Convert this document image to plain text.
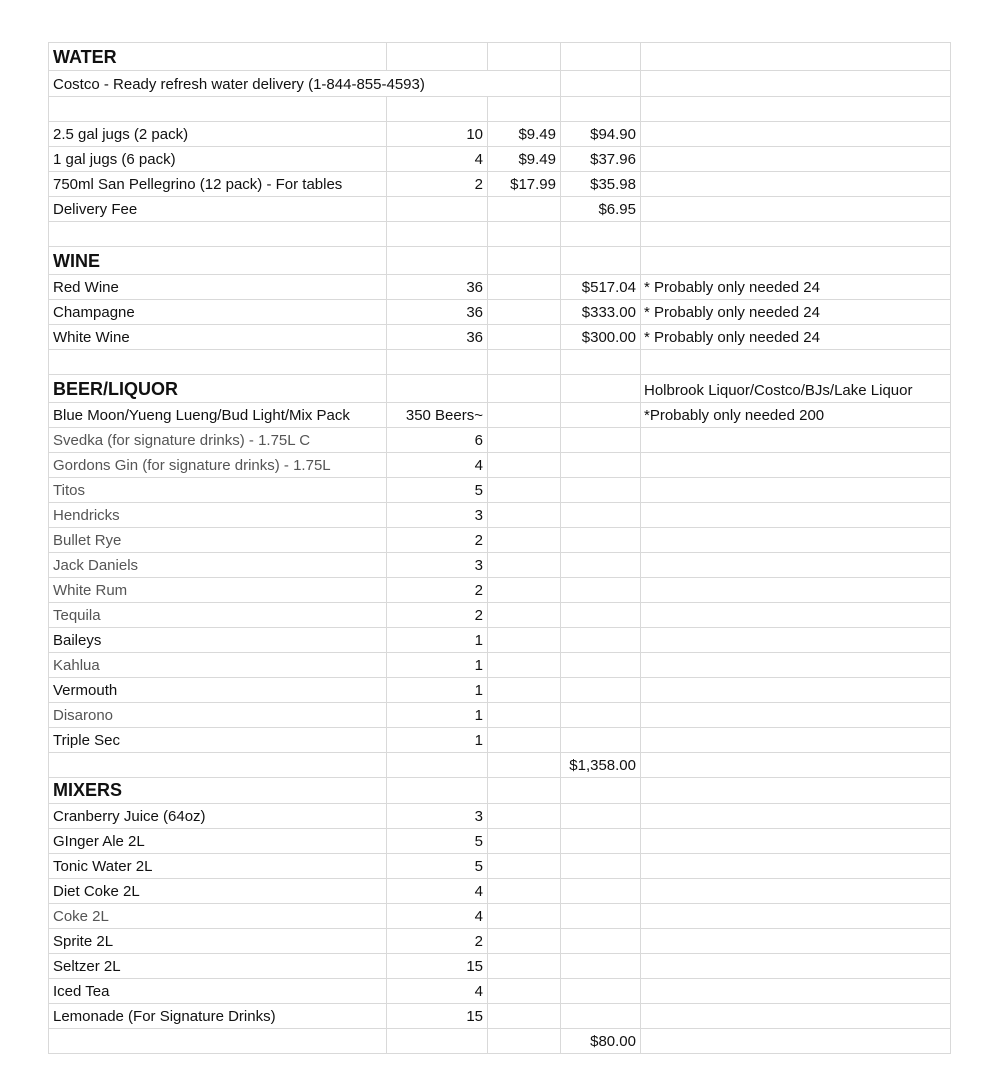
WATER				
Costco - Ready refresh water delivery (1-844-855-4593)				

2.5 gal jugs (2 pack)	10	$9.49	$94.90	
1 gal jugs (6 pack)	4	$9.49	$37.96	
750ml San Pellegrino (12 pack) - For tables	2	$17.99	$35.98	
Delivery Fee			$6.95	

WINE				
Red Wine	36		$517.04	* Probably only needed 24
Champagne	36		$333.00	* Probably only needed 24
White Wine	36		$300.00	* Probably only needed 24

BEER/LIQUOR				Holbrook Liquor/Costco/BJs/Lake Liquor
Blue Moon/Yueng Lueng/Bud Light/Mix Pack	350 Beers~			*Probably only needed 200
Svedka (for signature drinks) - 1.75L C	6			
Gordons Gin (for signature drinks) - 1.75L	4			
Titos	5			
Hendricks	3			
Bullet Rye	2			
Jack Daniels	3			
White Rum	2			
Tequila	2			
Baileys	1			
Kahlua	1			
Vermouth	1			
Disarono	1			
Triple Sec	1			
			$1,358.00	
MIXERS				
Cranberry Juice (64oz)	3			
GInger Ale 2L	5			
Tonic Water 2L	5			
Diet Coke 2L	4			
Coke 2L	4			
Sprite 2L	2			
Seltzer 2L	15			
Iced Tea	4			
Lemonade (For Signature Drinks)	15			
			$80.00	
